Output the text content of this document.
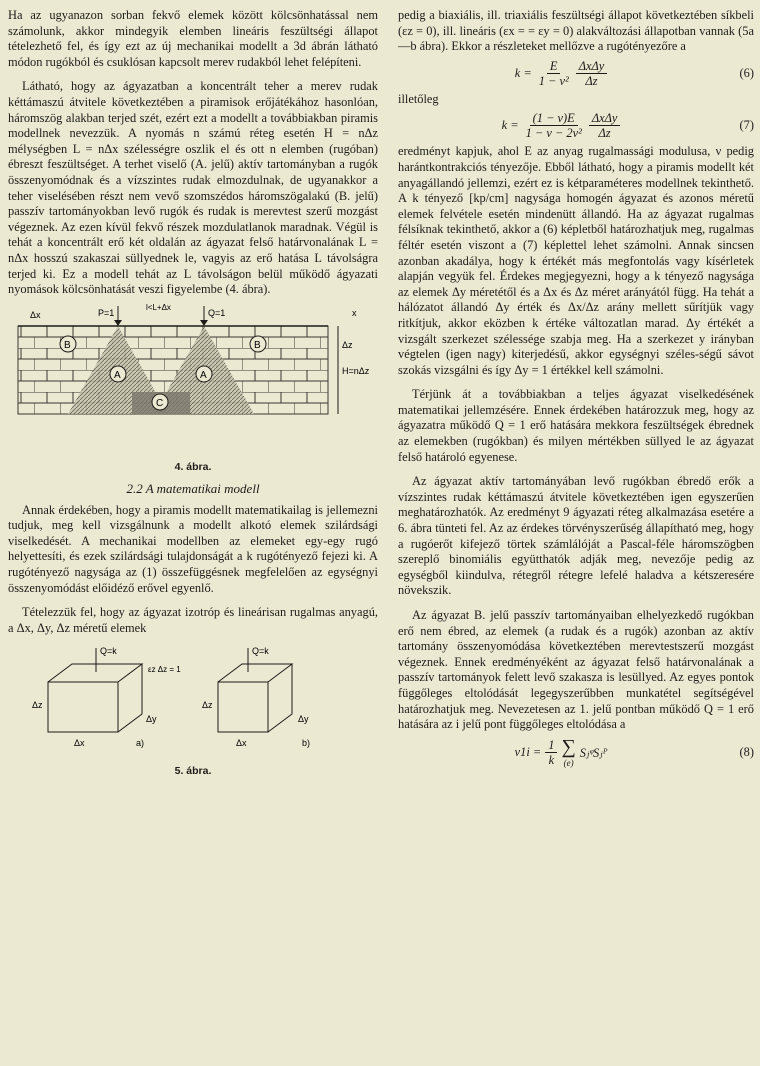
Ha az ugyanazon sorban fekvő elemek között kölcsönhatással nem számolunk, akkor mindegyik elemben lineáris feszültségi állapot tételezhető fel, és így ezt az új mechanikai modellt a 3d ábrán látható módon rugókból és csuklósan kapcsolt merev rudakból lehet felépíteni.

Látható, hogy az ágyazatban a koncentrált teher a merev rudak kéttámaszú átvitele következtében a piramisok erőjátékához hasonlóan, háromszög alakban terjed szét, ezért ezt a modellt a továbbiakban piramis modellnek nevezzük. A nyomás n számú réteg esetén H = nΔz mélységben L = nΔx szélességre oszlik el és ott n elemben (rugóban) ébreszt feszültséget. A terhet viselő (A. jelű) aktív tartományban a rugók összenyomódnak és a vízszintes rudak elmozdulnak, de ugyanakkor a teher viselésében részt nem vevő szomszédos háromszögalakú (B. jelű) passzív tartományokban levő rugók és rudak is merevtest szerű mozgást végeznek. Az ezen kívül fekvő részek mozdulatlanok maradnak. Végül is tehát a koncentrált erő két oldalán az ágyazat felső határvonalának L = nΔx hosszú szakaszai süllyednek le, vagyis az erő hatása L távolságra terjed ki. Ez a modell tehát az L távolságon belül működő ágyazati nyomások kölcsönhatását veszi figyelembe (4. ábra).

P=1	Q=1
l<L+Δx
Δx
H=nΔz
Δz
x
B	B
A	A
C
4. ábra.
2.2 A matematikai modell

Annak érdekében, hogy a piramis modellt matematikailag is jellemezni tudjuk, meg kell vizsgálnunk a modellt alkotó elemek szilárdsági viselkedését. A mechanikai modellben az elemeket egy-egy rugó helyettesíti, és ezek szilárdsági tulajdonságát a k rugótényező fejezi ki. A rugótényező nagysága az (1) összefüggésnek megfelelően az egységnyi összenyomódást előidéző erővel egyenlő.

Tételezzük fel, hogy az ágyazat izotróp és lineárisan rugalmas anyagú, a Δx, Δy, Δz méretű elemek

Q=k
εz Δz = 1
Δz
Δy
Δx	a)
Q=k
Δz
Δx
Δy
b)
5. ábra.

pedig a biaxiális, ill. triaxiális feszültségi állapot következtében síkbeli (εz = 0), ill. lineáris (εx = = εy = 0) alakváltozási állapotban vannak (5a—b ábra). Ekkor a részleteket mellőzve a rugótényezőre a

$k = \frac{E}{\text{1 − ν²}} \frac{\text{ΔxΔy}}{\Delta z}$	(6)

illetőleg

$k = \frac{(1 - \nu)E}{\text{1 − ν − 2ν²}} \frac{\text{ΔxΔy}}{\Delta z}$	(7)

eredményt kapjuk, ahol E az anyag rugalmassági modulusa, ν pedig harántkontrakciós tényezője. Ebből látható, hogy a piramis modellt két anyagállandó jellemzi, ezért ez is kétparaméteres modellnek tekinthető. A k tényező [kp/cm] nagysága homogén ágyazat és azonos méretű elemek felvétele esetén mindenütt állandó. Ha az ágyazat rugalmas félsíknak tekinthető, akkor a (6) képletből határozhatjuk meg, rugalmas féltér esetén viszont a (7) képlettel lehet számolni. Annak sincsen azonban akadálya, hogy k értékét más megfontolás vagy kísérletek alapján vegyük fel. Érdekes megjegyezni, hogy a k tényező nagysága az elemek Δy méretétől és a Δx és Δz méret arányától függ. Ha tehát a hálózatot állandó Δy érték és Δx/Δz arány mellett sűrítjük vagy ritkítjuk, akkor eközben k értéke változatlan marad. Δy értékét a vizsgált szerkezet szélessége szabja meg. Ha a szerkezet y irányban végtelen (igen nagy) kiterjedésű, akkor egységnyi széles-ségű sávot szokás vizsgálni és így Δy = 1 értékkel kell számolni.

Térjünk át a továbbiakban a teljes ágyazat viselkedésének matematikai jellemzésére. Ennek érdekében határozzuk meg, hogy az ágyazatra működő Q = 1 erő hatására mekkora feszültségek ébrednek az elemekben (rugókban) és milyen mértékben süllyed le az ágyazat felső határoló egyenese.

Az ágyazat aktív tartományában levő rugókban ébredő erők a vízszintes rudak kéttámaszú átvitele következtében igen egyszerűen meghatározhatók. Az eredményt 9 ágyazati réteg alkalmazása esetére a 6. ábra tünteti fel. Az az érdekes törvényszerűség állapítható meg, hogy a rugóerőt kifejező törtek számlálóját a Pascal-féle háromszögben szereplő binomiális együtthatók adják meg, nevezője pedig az egységből kiindulva, rétegről rétegre lefelé haladva a kétszeresére növekszik.

Az ágyazat B. jelű passzív tartományaiban elhelyezkedő rugókban erő nem ébred, az elemek (a rudak és a rugók) azonban az aktív tartomány összenyomódása következtében merevtestszerű mozgást végeznek. Ennek eredményéként az ágyazat felső határvonalának a passzív tartományok felett levő szakasza is lesüllyed. Az egyes pontok függőleges eltolódását legegyszerűbben munkatétel segítségével határozhatjuk meg. Nevezetesen az 1. jelű pontban működő Q = 1 erő hatására az i jelű pont függőleges eltolódása a

$v1i = \frac{1}{k}$ ∑
(e)
SⱼᵠSⱼᴾ	(8)
